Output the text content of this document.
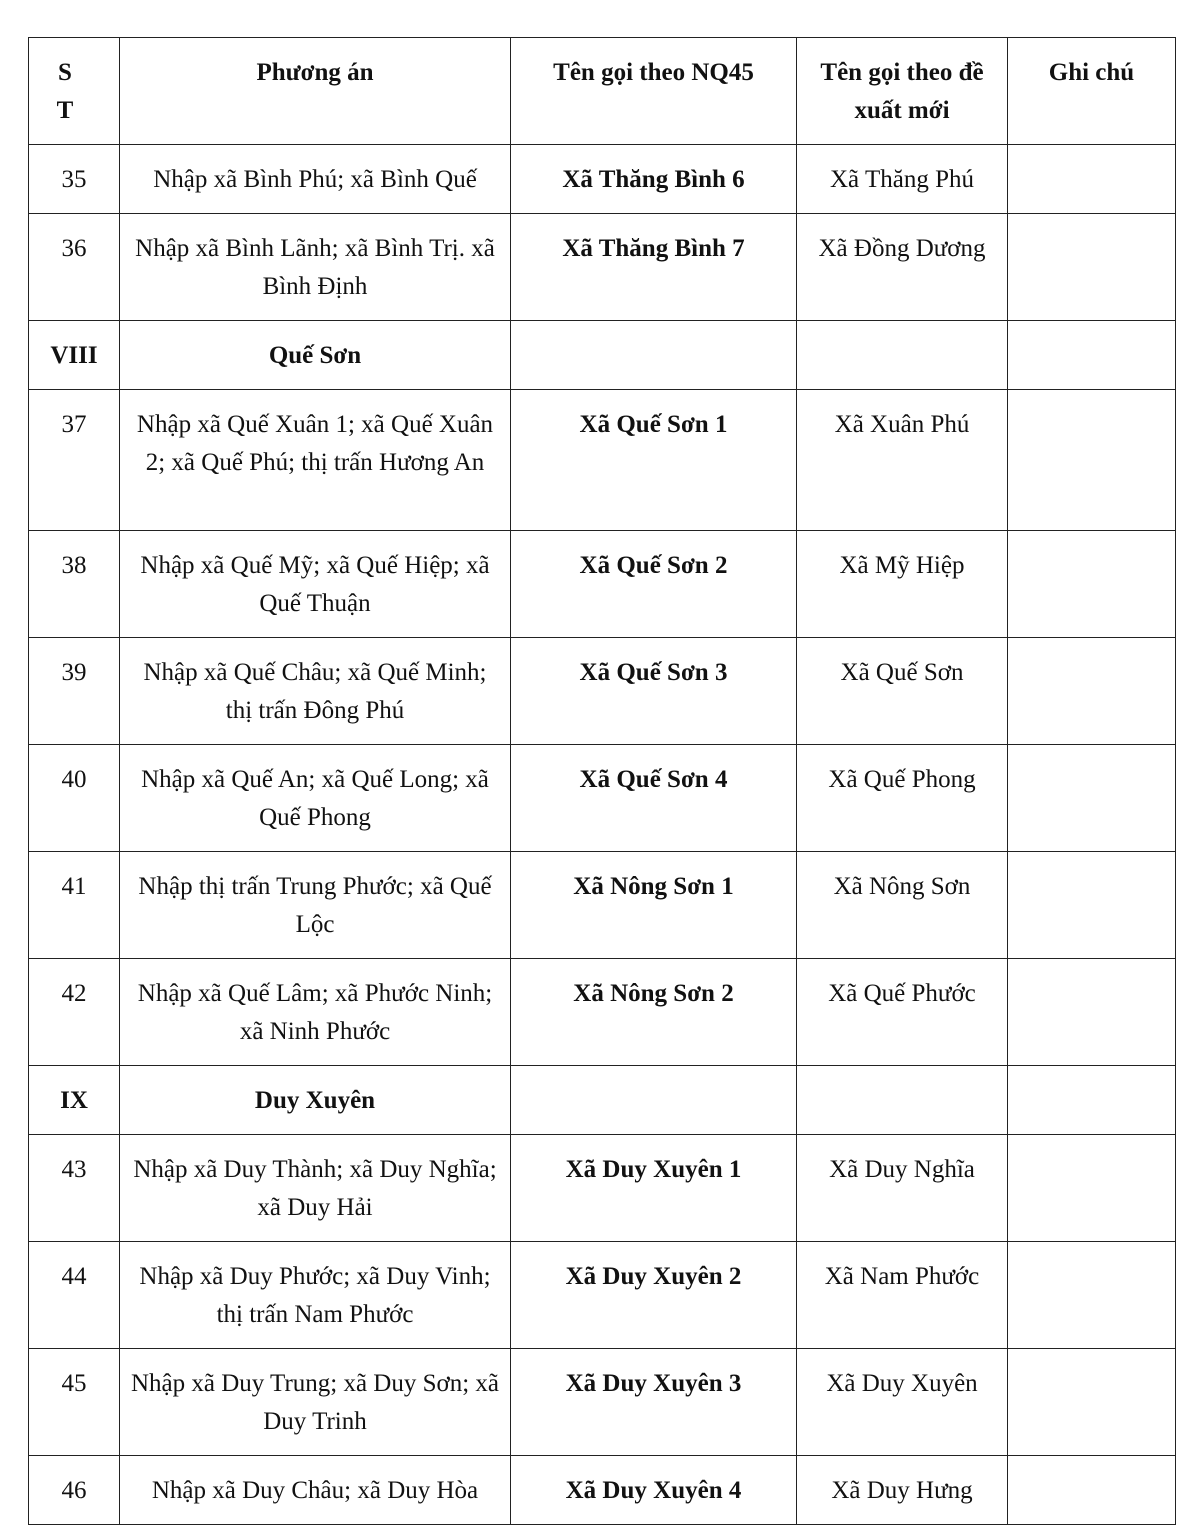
S T	Phương án	Tên gọi theo NQ45	Tên gọi theo đề xuất mới	Ghi chú
35	Nhập xã Bình Phú; xã Bình Quế	Xã Thăng Bình 6	Xã Thăng Phú	
36	Nhập xã Bình Lãnh; xã Bình Trị. xã Bình Định	Xã Thăng Bình 7	Xã Đồng Dương	
VIII	Quế Sơn			
37	Nhập xã Quế Xuân 1; xã Quế Xuân 2; xã Quế Phú; thị trấn Hương An	Xã Quế Sơn 1	Xã Xuân Phú	
38	Nhập xã Quế Mỹ; xã Quế Hiệp; xã Quế Thuận	Xã Quế Sơn 2	Xã Mỹ Hiệp	
39	Nhập xã Quế Châu; xã Quế Minh; thị trấn Đông Phú	Xã Quế Sơn 3	Xã Quế Sơn	
40	Nhập xã Quế An; xã Quế Long; xã Quế Phong	Xã Quế Sơn 4	Xã Quế Phong	
41	Nhập thị trấn Trung Phước; xã Quế Lộc	Xã Nông Sơn 1	Xã Nông Sơn	
42	Nhập xã Quế Lâm; xã Phước Ninh; xã Ninh Phước	Xã Nông Sơn 2	Xã Quế Phước	
IX	Duy Xuyên			
43	Nhập xã Duy Thành; xã Duy Nghĩa; xã Duy Hải	Xã Duy Xuyên 1	Xã Duy Nghĩa	
44	Nhập xã Duy Phước; xã Duy Vinh; thị trấn Nam Phước	Xã Duy Xuyên 2	Xã Nam Phước	
45	Nhập xã Duy Trung; xã Duy Sơn; xã Duy Trinh	Xã Duy Xuyên 3	Xã Duy Xuyên	
46	Nhập xã Duy Châu; xã Duy Hòa	Xã Duy Xuyên 4	Xã Duy Hưng	
